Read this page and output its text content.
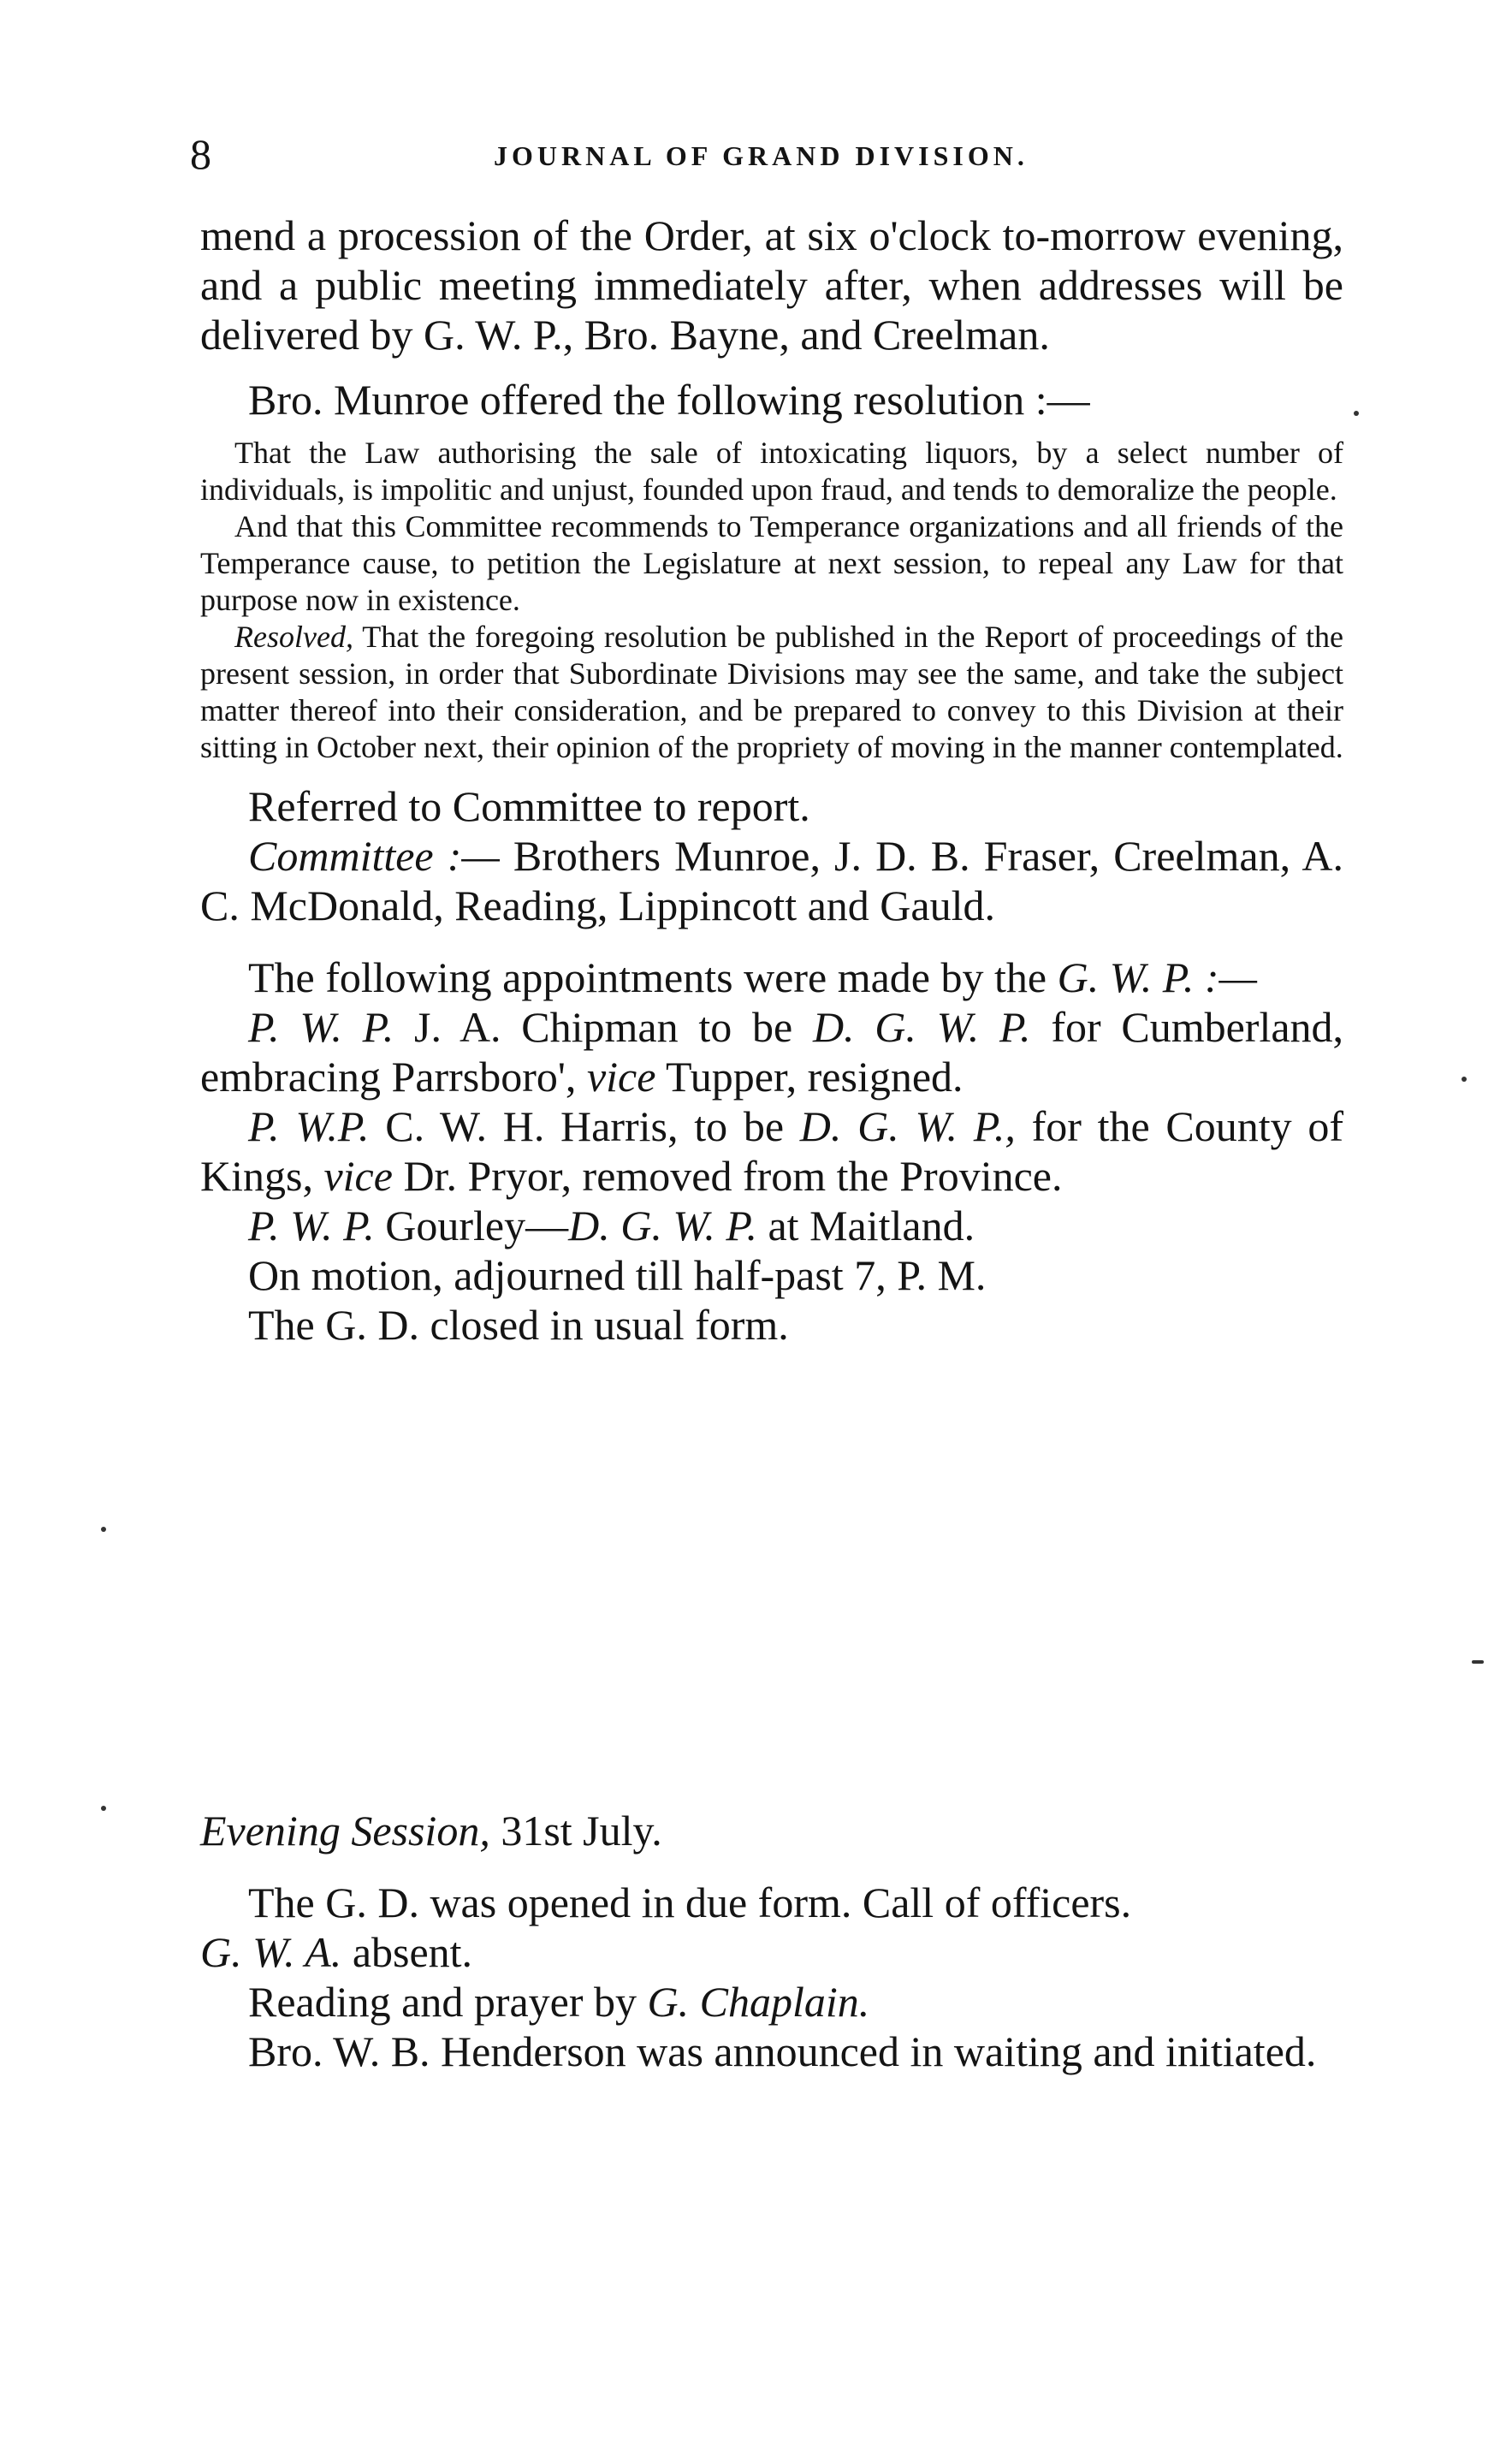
8	JOURNAL OF GRAND DIVISION.

mend a procession of the Order, at six o'clock to-morrow evening, and a public meeting immediately after, when addresses will be delivered by G. W. P., Bro. Bayne, and Creelman.

Bro. Munroe offered the following resolution :—

That the Law authorising the sale of intoxicating liquors, by a select number of individuals, is impolitic and unjust, founded upon fraud, and tends to demoralize the people.

And that this Committee recommends to Temperance organizations and all friends of the Temperance cause, to petition the Legislature at next session, to repeal any Law for that purpose now in existence.

Resolved, That the foregoing resolution be published in the Report of proceedings of the present session, in order that Subordinate Divisions may see the same, and take the subject matter thereof into their consideration, and be prepared to convey to this Division at their sitting in October next, their opinion of the propriety of moving in the manner contemplated.

Referred to Committee to report.

Committee :— Brothers Munroe, J. D. B. Fraser, Creelman, A. C. McDonald, Reading, Lippincott and Gauld.

The following appointments were made by the G. W. P. :—

P. W. P. J. A. Chipman to be D. G. W. P. for Cumberland, embracing Parrsboro', vice Tupper, resigned.

P. W.P. C. W. H. Harris, to be D. G. W. P., for the County of Kings, vice Dr. Pryor, removed from the Province.

P. W. P. Gourley—D. G. W. P. at Maitland.

On motion, adjourned till half-past 7, P. M.

The G. D. closed in usual form.

Evening Session, 31st July.

The G. D. was opened in due form. Call of officers.

G. W. A. absent.

Reading and prayer by G. Chaplain.

Bro. W. B. Henderson was announced in waiting and initiated.
